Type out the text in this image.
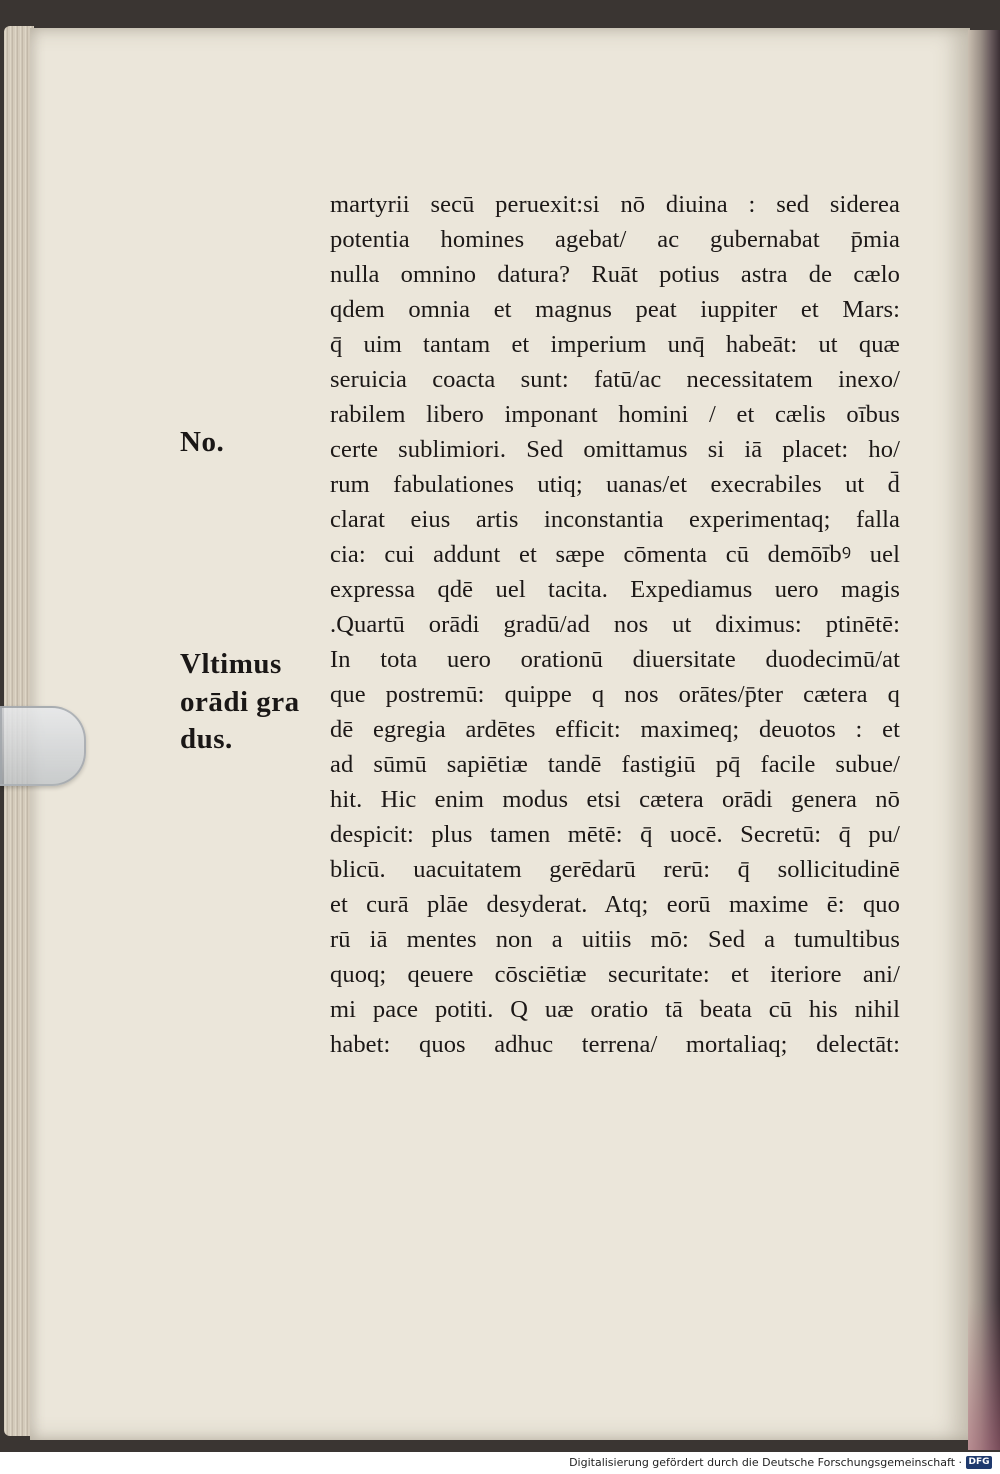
No.
Vltimus
orādi gra
dus.
martyrii secū peruexit:si nō diuina : sed siderea
potentia homines agebat/ ac gubernabat p̄mia
nulla omnino datura? Ruāt potius astra de cælo
qdem omnia et magnus peat iuppiter et Mars:
q̄ uim tantam et imperium unq̄ habeāt: ut quæ
seruicia coacta sunt: fatū/ac necessitatem inexo/
rabilem libero imponant homini / et cælis oībus
certe sublimiori. Sed omittamus si iā placet: ho/
rum fabulationes utiq; uanas/et execrabiles ut d̄
clarat eius artis inconstantia experimentaq; falla
cia: cui addunt et sæpe cōmenta cū demōībꝰ uel
expressa qdē uel tacita. Expediamus uero magis
.Quartū orādi gradū/ad nos ut diximus: ptinētē:
In tota uero orationū diuersitate duodecimū/at
que postremū: quippe q nos orātes/p̄ter cætera q
dē egregia ardētes efficit: maximeq; deuotos : et
ad sūmū sapiētiæ tandē fastigiū pq̄ facile subue/
hit. Hic enim modus etsi cætera orādi genera nō
despicit: plus tamen mētē: q̄ uocē. Secretū: q̄ pu/
blicū. uacuitatem gerēdarū rerū: q̄ sollicitudinē
et curā plāe desyderat. Atq; eorū maxime ē: quo
rū iā mentes non a uitiis mō: Sed a tumultibus
quoq; qeuere cōsciētiæ securitate: et iteriore ani/
mi pace potiti. Q uæ oratio tā beata cū his nihil
habet: quos adhuc terrena/ mortaliaq; delectāt:
Digitalisierung gefördert durch die Deutsche Forschungsgemeinschaft · DFG
